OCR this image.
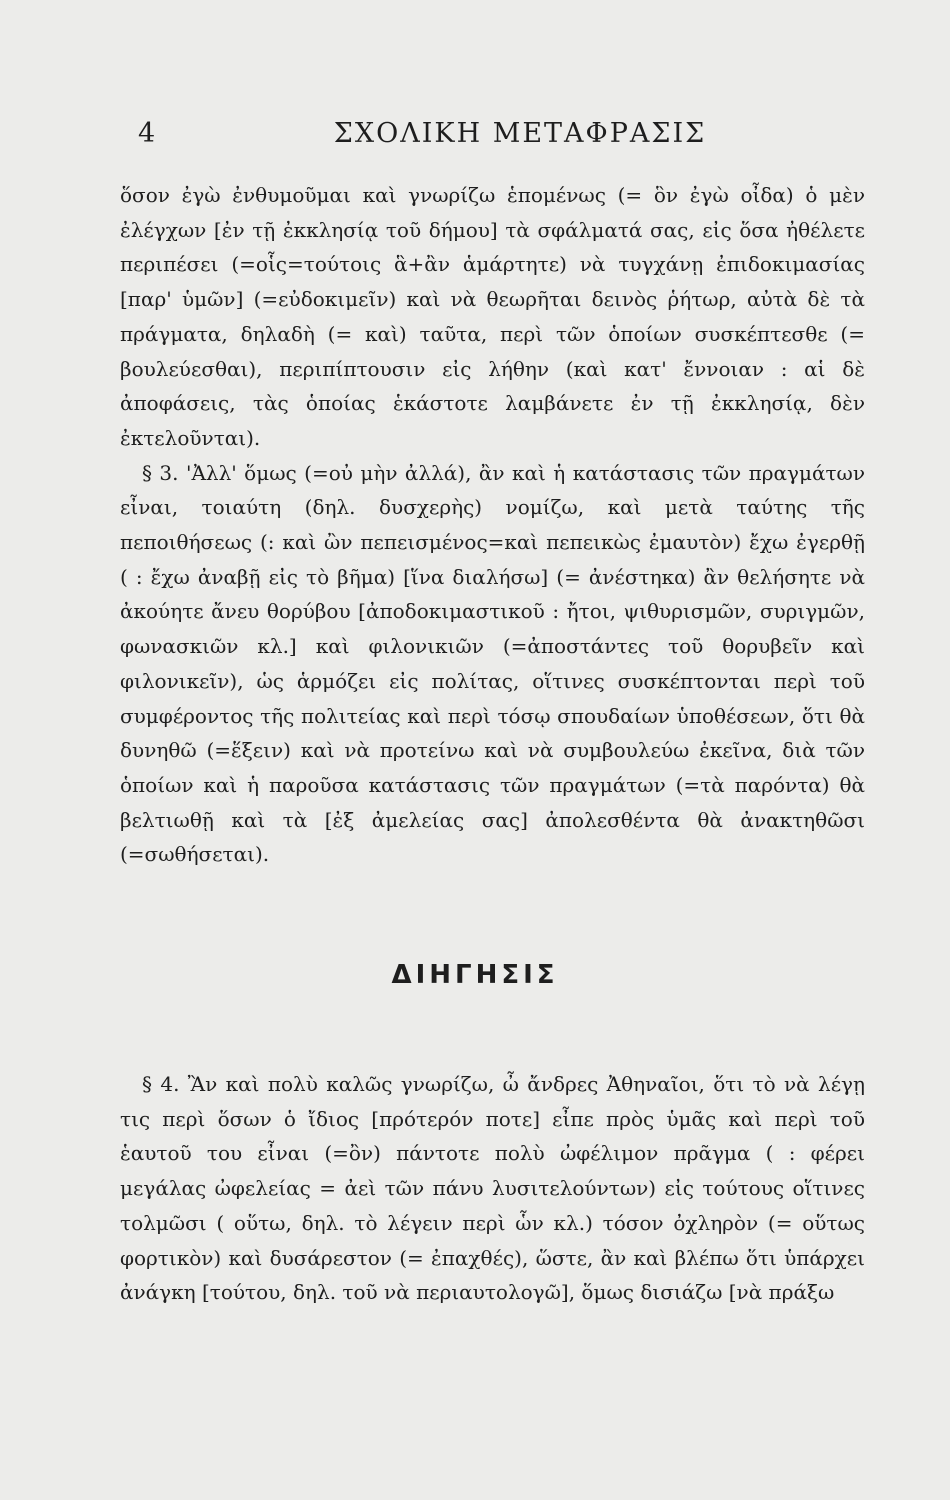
4	ΣΧΟΛΙΚΗ ΜΕΤΑΦΡΑΣΙΣ

ὅσον ἐγὼ ἐνθυμοῦμαι καὶ γνωρίζω ἑπομένως (= ὃν ἐγὼ οἶδα) ὁ μὲν ἐλέγχων [ἐν τῇ ἐκκλησίᾳ τοῦ δήμου] τὰ σφάλματά σας, εἰς ὅσα ἠθέλετε περιπέσει (=οἷς=τούτοις ἃ+ἂν ἁμάρτητε) νὰ τυγχάνῃ ἐπιδοκιμασίας [παρ' ὑμῶν] (=εὐδοκιμεῖν) καὶ νὰ θεωρῆται δεινὸς ῥήτωρ, αὐτὰ δὲ τὰ πράγματα, δηλαδὴ (= καὶ) ταῦτα, περὶ τῶν ὁποίων συσκέπτεσθε (= βουλεύεσθαι), περιπίπτουσιν εἰς λήθην (καὶ κατ' ἔννοιαν : αἱ δὲ ἀποφάσεις, τὰς ὁποίας ἑκάστοτε λαμβάνετε ἐν τῇ ἐκκλησίᾳ, δὲν ἐκτελοῦνται).

§ 3. 'Ἀλλ' ὅμως (=οὐ μὴν ἀλλά), ἂν καὶ ἡ κατάστασις τῶν πραγμάτων εἶναι, τοιαύτη (δηλ. δυσχερὴς) νομίζω, καὶ μετὰ ταύτης τῆς πεποιθήσεως (: καὶ ὢν πεπεισμένος=καὶ πεπεικὼς ἐμαυτὸν) ἔχω ἐγερθῇ ( : ἔχω ἀναβῇ εἰς τὸ βῆμα) [ἵνα διαλήσω] (= ἀνέστηκα) ἂν θελήσητε νὰ ἀκούητε ἄνευ θορύβου [ἀποδοκιμαστικοῦ : ἤτοι, ψιθυρισμῶν, συριγμῶν, φωνασκιῶν κλ.] καὶ φιλονικιῶν (=ἀποστάντες τοῦ θορυβεῖν καὶ φιλονικεῖν), ὡς ἁρμόζει εἰς πολίτας, οἵτινες συσκέπτονται περὶ τοῦ συμφέροντος τῆς πολιτείας καὶ περὶ τόσῳ σπουδαίων ὑποθέσεων, ὅτι θὰ δυνηθῶ (=ἕξειν) καὶ νὰ προτείνω καὶ νὰ συμβουλεύω ἐκεῖνα, διὰ τῶν ὁποίων καὶ ἡ παροῦσα κατάστασις τῶν πραγμάτων (=τὰ παρόντα) θὰ βελτιωθῇ καὶ τὰ [ἐξ ἀμελείας σας] ἀπολεσθέντα θὰ ἀνακτηθῶσι (=σωθήσεται).

ΔΙΗΓΗΣΙΣ

§ 4. Ἂν καὶ πολὺ καλῶς γνωρίζω, ὦ ἄνδρες Ἀθηναῖοι, ὅτι τὸ νὰ λέγῃ τις περὶ ὅσων ὁ ἴδιος [πρότερόν ποτε] εἶπε πρὸς ὑμᾶς καὶ περὶ τοῦ ἑαυτοῦ του εἶναι (=ὂν) πάντοτε πολὺ ὠφέλιμον πρᾶγμα ( : φέρει μεγάλας ὠφελείας = ἀεὶ τῶν πάνυ λυσιτελούντων) εἰς τούτους οἵτινες τολμῶσι ( οὕτω, δηλ. τὸ λέγειν περὶ ὧν κλ.) τόσον ὀχληρὸν (= οὕτως φορτικὸν) καὶ δυσάρεστον (= ἐπαχθές), ὥστε, ἂν καὶ βλέπω ὅτι ὑπάρχει ἀνάγκη [τούτου, δηλ. τοῦ νὰ περιαυτολογῶ], ὅμως δισιάζω [νὰ πράξω
